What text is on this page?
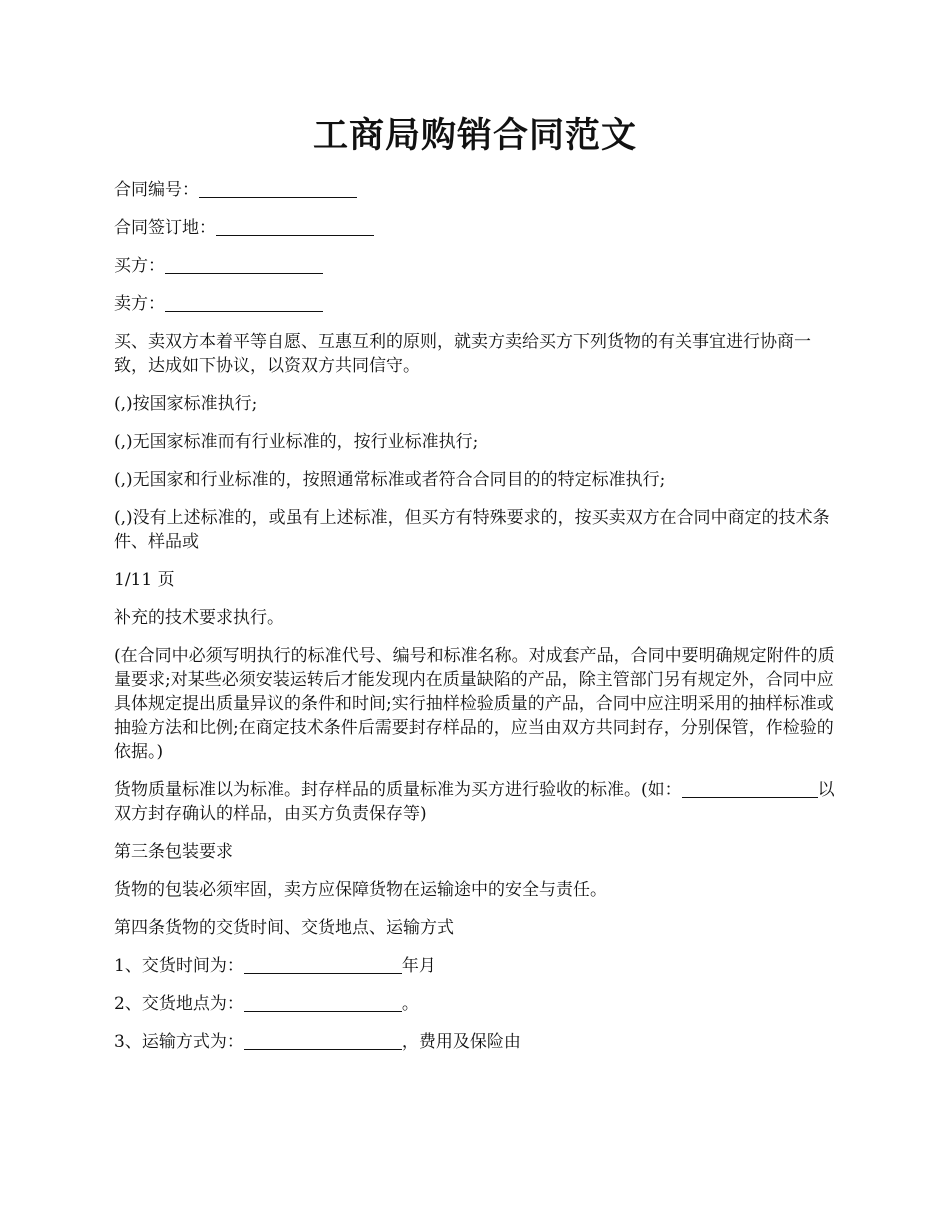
工商局购销合同范文

合同编号：

合同签订地：

买方：

卖方：

买、卖双方本着平等自愿、互惠互利的原则，就卖方卖给买方下列货物的有关事宜进行协商一致，达成如下协议，以资双方共同信守。

(,)按国家标准执行;

(,)无国家标准而有行业标准的，按行业标准执行;

(,)无国家和行业标准的，按照通常标准或者符合合同目的的特定标准执行;

(,)没有上述标准的，或虽有上述标准，但买方有特殊要求的，按买卖双方在合同中商定的技术条件、样品或

1/11 页

补充的技术要求执行。

(在合同中必须写明执行的标准代号、编号和标准名称。对成套产品，合同中要明确规定附件的质量要求;对某些必须安装运转后才能发现内在质量缺陷的产品，除主管部门另有规定外，合同中应具体规定提出质量异议的条件和时间;实行抽样检验质量的产品，合同中应注明采用的抽样标准或抽验方法和比例;在商定技术条件后需要封存样品的，应当由双方共同封存，分别保管，作检验的依据。)

货物质量标准以为标准。封存样品的质量标准为买方进行验收的标准。(如：	以双方封存确认的样品，由买方负责保存等)

第三条包装要求

货物的包装必须牢固，卖方应保障货物在运输途中的安全与责任。

第四条货物的交货时间、交货地点、运输方式

1、交货时间为：	年月

2、交货地点为：	。

3、运输方式为：	，费用及保险由
